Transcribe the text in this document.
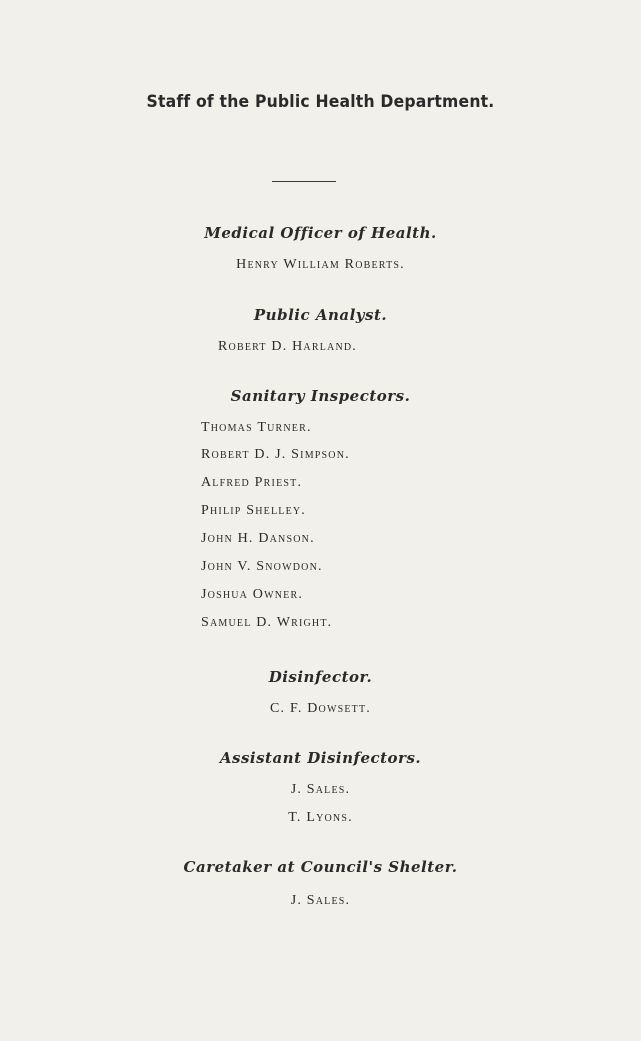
Staff of the Public Health Department.
Medical Officer of Health.
Henry William Roberts.
Public Analyst.
Robert D. Harland.
Sanitary Inspectors.
Thomas Turner.
Robert D. J. Simpson.
Alfred Priest.
Philip Shelley.
John H. Danson.
John V. Snowdon.
Joshua Owner.
Samuel D. Wright.
Disinfector.
C. F. Dowsett.
Assistant Disinfectors.
J. Sales.
T. Lyons.
Caretaker at Council's Shelter.
J. Sales.
